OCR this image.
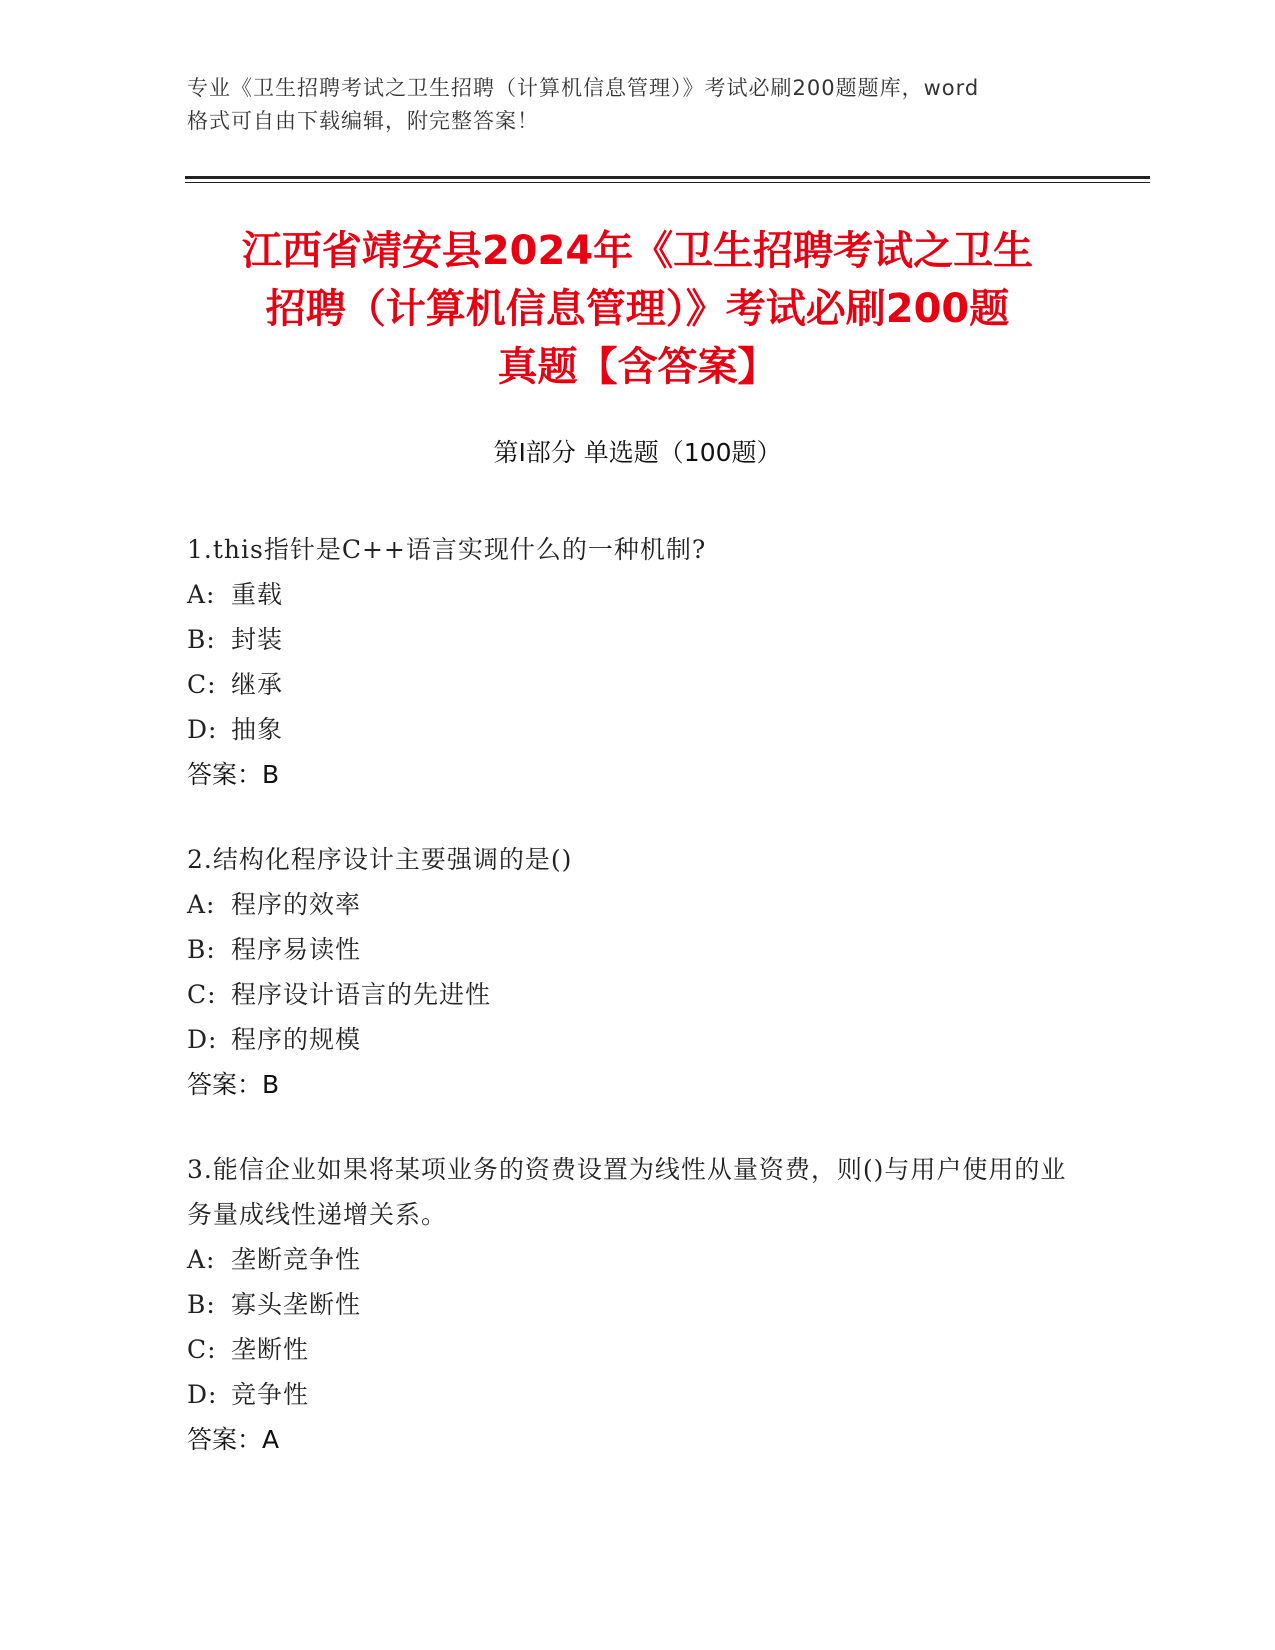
专业《卫生招聘考试之卫生招聘（计算机信息管理）》考试必刷200题题库，word
格式可自由下载编辑，附完整答案！
江西省靖安县2024年《卫生招聘考试之卫生
招聘（计算机信息管理）》考试必刷200题
真题【含答案】
第I部分 单选题（100题）
1.this指针是C++语言实现什么的一种机制?
A: 重载
B: 封装
C: 继承
D: 抽象
答案：B
2.结构化程序设计主要强调的是()
A: 程序的效率
B: 程序易读性
C: 程序设计语言的先进性
D: 程序的规模
答案：B
3.能信企业如果将某项业务的资费设置为线性从量资费，则()与用户使用的业务量成线性递增关系。
A: 垄断竞争性
B: 寡头垄断性
C: 垄断性
D: 竞争性
答案：A
